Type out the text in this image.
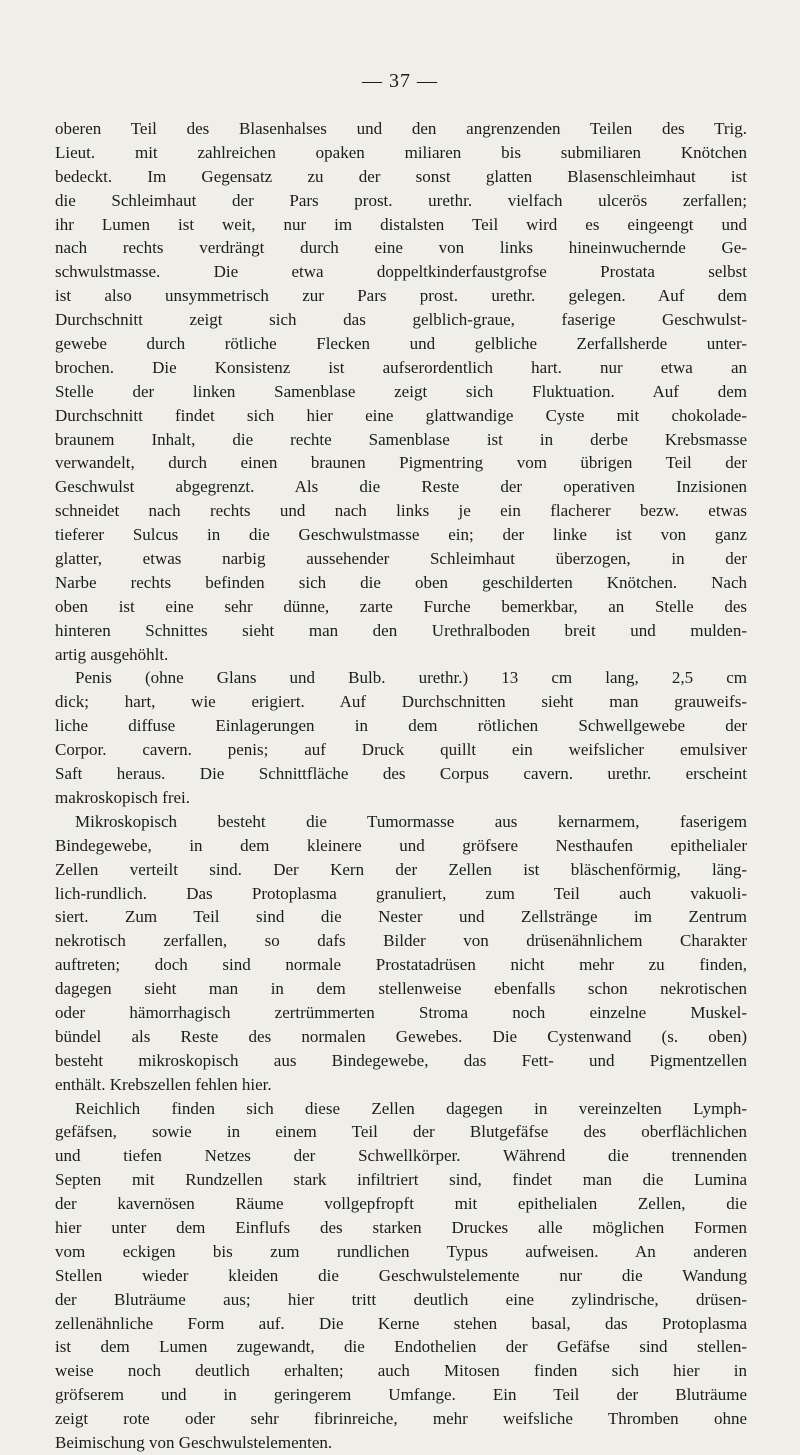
— 37 —
oberen Teil des Blasenhalses und den angrenzenden Teilen des Trig.
Lieut. mit zahlreichen opaken miliaren bis submiliaren Knötchen
bedeckt. Im Gegensatz zu der sonst glatten Blasenschleimhaut ist
die Schleimhaut der Pars prost. urethr. vielfach ulcerös zerfallen;
ihr Lumen ist weit, nur im distalsten Teil wird es eingeengt und
nach rechts verdrängt durch eine von links hineinwuchernde Ge-
schwulstmasse. Die etwa doppeltkinderfaustgrofse Prostata selbst
ist also unsymmetrisch zur Pars prost. urethr. gelegen. Auf dem
Durchschnitt zeigt sich das gelblich-graue, faserige Geschwulst-
gewebe durch rötliche Flecken und gelbliche Zerfallsherde unter-
brochen. Die Konsistenz ist aufserordentlich hart. nur etwa an
Stelle der linken Samenblase zeigt sich Fluktuation. Auf dem
Durchschnitt findet sich hier eine glattwandige Cyste mit chokolade-
braunem Inhalt, die rechte Samenblase ist in derbe Krebsmasse
verwandelt, durch einen braunen Pigmentring vom übrigen Teil der
Geschwulst abgegrenzt. Als die Reste der operativen Inzisionen
schneidet nach rechts und nach links je ein flacherer bezw. etwas
tieferer Sulcus in die Geschwulstmasse ein; der linke ist von ganz
glatter, etwas narbig aussehender Schleimhaut überzogen, in der
Narbe rechts befinden sich die oben geschilderten Knötchen. Nach
oben ist eine sehr dünne, zarte Furche bemerkbar, an Stelle des
hinteren Schnittes sieht man den Urethralboden breit und mulden-
artig ausgehöhlt.
Penis (ohne Glans und Bulb. urethr.) 13 cm lang, 2,5 cm
dick; hart, wie erigiert. Auf Durchschnitten sieht man grauweifs-
liche diffuse Einlagerungen in dem rötlichen Schwellgewebe der
Corpor. cavern. penis; auf Druck quillt ein weifslicher emulsiver
Saft heraus. Die Schnittfläche des Corpus cavern. urethr. erscheint
makroskopisch frei.
Mikroskopisch besteht die Tumormasse aus kernarmem, faserigem
Bindegewebe, in dem kleinere und gröfsere Nesthaufen epithelialer
Zellen verteilt sind. Der Kern der Zellen ist bläschenförmig, läng-
lich-rundlich. Das Protoplasma granuliert, zum Teil auch vakuoli-
siert. Zum Teil sind die Nester und Zellstränge im Zentrum
nekrotisch zerfallen, so dafs Bilder von drüsenähnlichem Charakter
auftreten; doch sind normale Prostatadrüsen nicht mehr zu finden,
dagegen sieht man in dem stellenweise ebenfalls schon nekrotischen
oder hämorrhagisch zertrümmerten Stroma noch einzelne Muskel-
bündel als Reste des normalen Gewebes. Die Cystenwand (s. oben)
besteht mikroskopisch aus Bindegewebe, das Fett- und Pigmentzellen
enthält. Krebszellen fehlen hier.
Reichlich finden sich diese Zellen dagegen in vereinzelten Lymph-
gefäfsen, sowie in einem Teil der Blutgefäfse des oberflächlichen
und tiefen Netzes der Schwellkörper. Während die trennenden
Septen mit Rundzellen stark infiltriert sind, findet man die Lumina
der kavernösen Räume vollgepfropft mit epithelialen Zellen, die
hier unter dem Einflufs des starken Druckes alle möglichen Formen
vom eckigen bis zum rundlichen Typus aufweisen. An anderen
Stellen wieder kleiden die Geschwulstelemente nur die Wandung
der Bluträume aus; hier tritt deutlich eine zylindrische, drüsen-
zellenähnliche Form auf. Die Kerne stehen basal, das Protoplasma
ist dem Lumen zugewandt, die Endothelien der Gefäfse sind stellen-
weise noch deutlich erhalten; auch Mitosen finden sich hier in
gröfserem und in geringerem Umfange. Ein Teil der Bluträume
zeigt rote oder sehr fibrinreiche, mehr weifsliche Thromben ohne
Beimischung von Geschwulstelementen.
